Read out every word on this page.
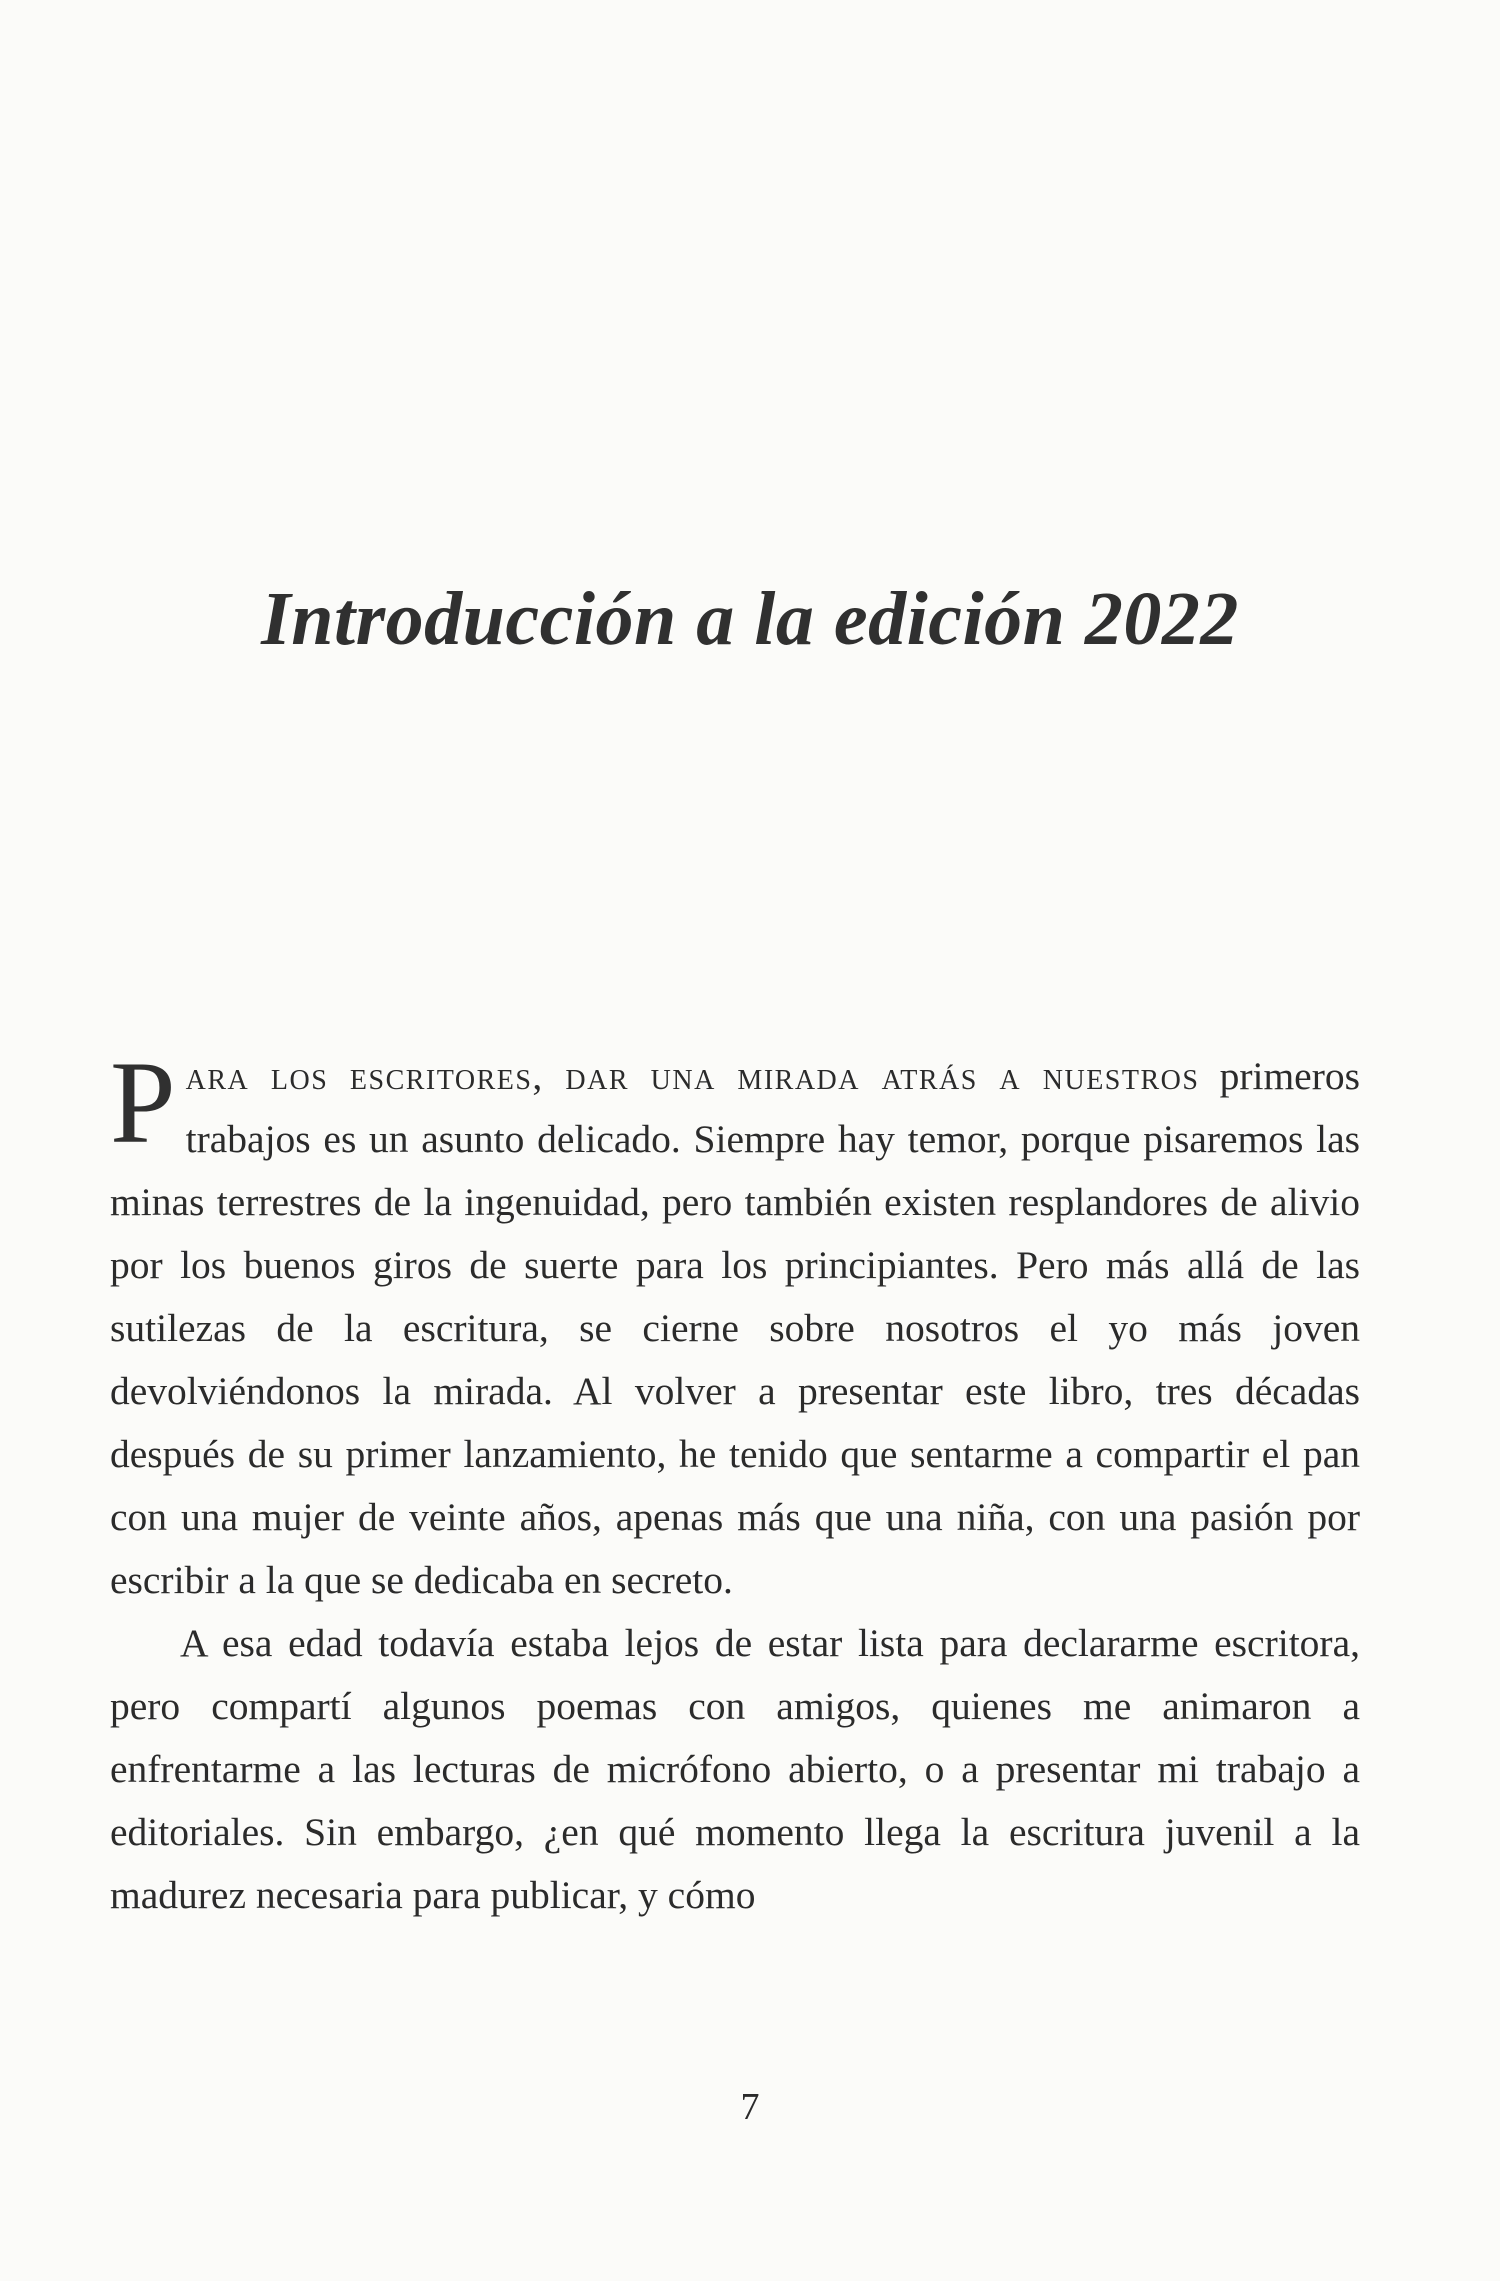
Introducción a la edición 2022

Para los escritores, dar una mirada atrás a nuestros primeros trabajos es un asunto delicado. Siempre hay temor, porque pisaremos las minas terrestres de la ingenuidad, pero también existen resplandores de alivio por los buenos giros de suerte para los principiantes. Pero más allá de las sutilezas de la escritura, se cierne sobre nosotros el yo más joven devolviéndonos la mirada. Al volver a presentar este libro, tres décadas después de su primer lanzamiento, he tenido que sentarme a compartir el pan con una mujer de veinte años, apenas más que una niña, con una pasión por escribir a la que se dedicaba en secreto.

A esa edad todavía estaba lejos de estar lista para declararme escritora, pero compartí algunos poemas con amigos, quienes me animaron a enfrentarme a las lecturas de micrófono abierto, o a presentar mi trabajo a editoriales. Sin embargo, ¿en qué momento llega la escritura juvenil a la madurez necesaria para publicar, y cómo

7
